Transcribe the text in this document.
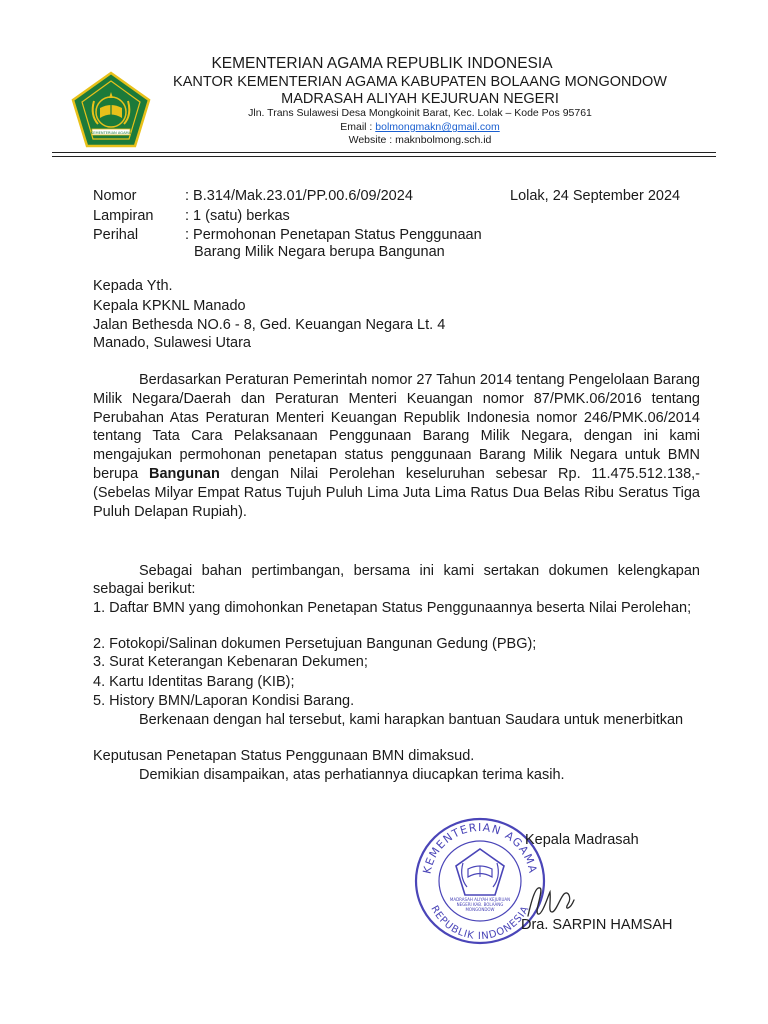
KEMENTERIAN AGAMA
KEMENTERIAN AGAMA REPUBLIK INDONESIA
KANTOR KEMENTERIAN AGAMA KABUPATEN BOLAANG MONGONDOW
MADRASAH ALIYAH KEJURUAN NEGERI
Jln. Trans Sulawesi Desa Mongkoinit Barat, Kec. Lolak – Kode Pos 95761
Email : bolmongmakn@gmail.com
Website : maknbolmong.sch.id
Nomor	: B.314/Mak.23.01/PP.00.6/09/2024	Lolak, 24 September 2024
Lampiran : 1 (satu) berkas
Perihal	: Permohonan Penetapan Status Penggunaan
Barang Milik Negara berupa Bangunan
Kepada Yth.
Kepala KPKNL Manado
Jalan Bethesda NO.6 - 8, Ged. Keuangan Negara Lt. 4
Manado, Sulawesi Utara
Berdasarkan Peraturan Pemerintah nomor 27 Tahun 2014 tentang Pengelolaan Barang Milik Negara/Daerah dan Peraturan Menteri Keuangan nomor 87/PMK.06/2016 tentang Perubahan Atas Peraturan Menteri Keuangan Republik Indonesia nomor 246/PMK.06/2014 tentang Tata Cara Pelaksanaan Penggunaan Barang Milik Negara, dengan ini kami mengajukan permohonan penetapan status penggunaan Barang Milik Negara untuk BMN berupa Bangunan dengan Nilai Perolehan keseluruhan sebesar Rp. 11.475.512.138,- (Sebelas Milyar Empat Ratus Tujuh Puluh Lima Juta Lima Ratus Dua Belas Ribu Seratus Tiga Puluh Delapan Rupiah).
Sebagai bahan pertimbangan, bersama ini kami sertakan dokumen kelengkapan sebagai berikut:
1. Daftar BMN yang dimohonkan Penetapan Status Penggunaannya beserta Nilai Perolehan;
2. Fotokopi/Salinan dokumen Persetujuan Bangunan Gedung (PBG);
3. Surat Keterangan Kebenaran Dekumen;
4. Kartu Identitas Barang (KIB);
5. History BMN/Laporan Kondisi Barang.
Berkenaan dengan hal tersebut, kami harapkan bantuan Saudara untuk menerbitkan
Keputusan Penetapan Status Penggunaan BMN dimaksud.
Demikian disampaikan, atas perhatiannya diucapkan terima kasih.
KEMENTERIAN AGAMA
REPUBLIK INDONESIA
MADRASAH ALIYAH KEJURUAN NEGERI KAB. BOLAANG MONGONDOW
Kepala Madrasah
Dra. SARPIN HAMSAH
